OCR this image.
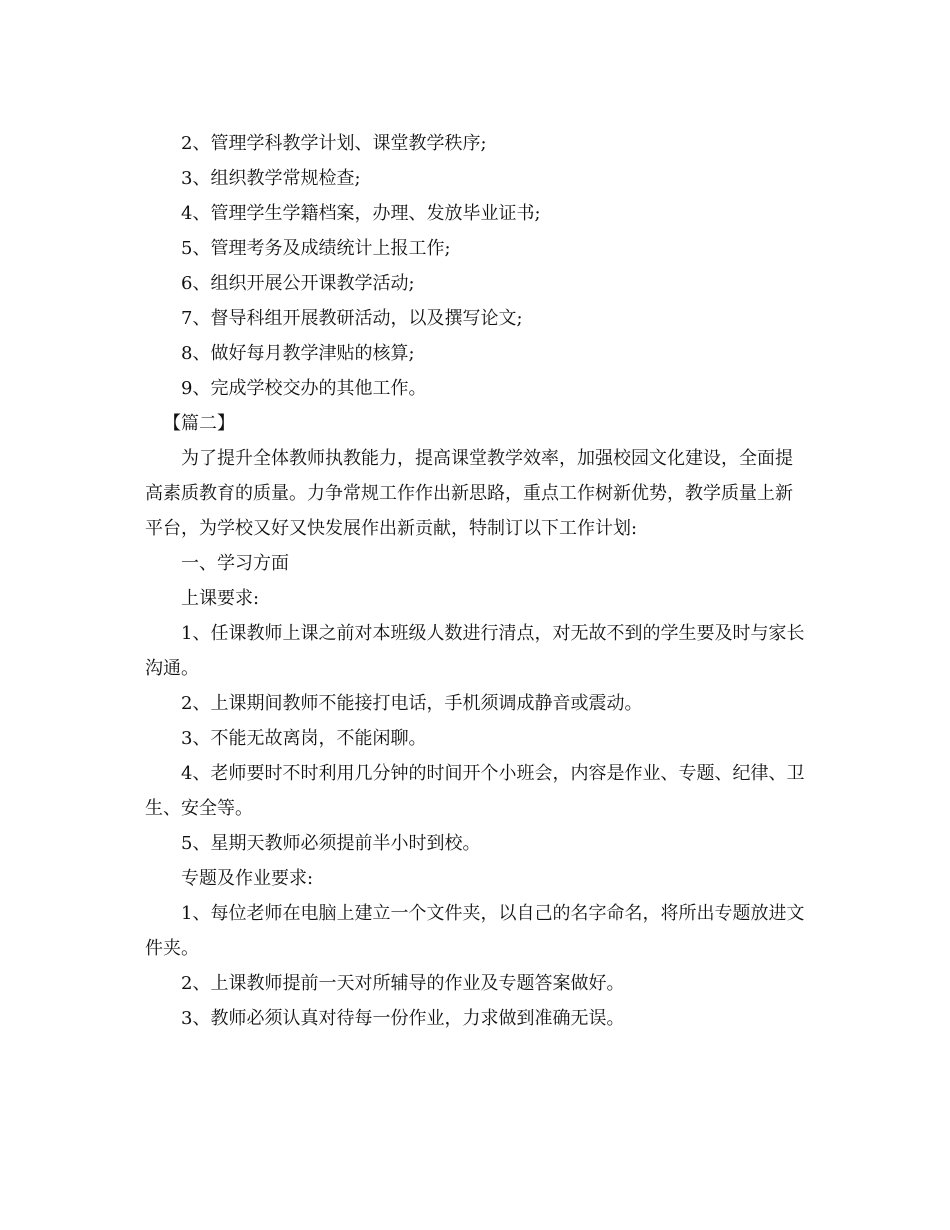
2、管理学科教学计划、课堂教学秩序;

3、组织教学常规检查;

4、管理学生学籍档案，办理、发放毕业证书;

5、管理考务及成绩统计上报工作;

6、组织开展公开课教学活动;

7、督导科组开展教研活动，以及撰写论文;

8、做好每月教学津贴的核算;

9、完成学校交办的其他工作。

【篇二】

为了提升全体教师执教能力，提高课堂教学效率，加强校园文化建设，全面提高素质教育的质量。力争常规工作作出新思路，重点工作树新优势，教学质量上新平台，为学校又好又快发展作出新贡献，特制订以下工作计划:

一、学习方面

上课要求:

1、任课教师上课之前对本班级人数进行清点，对无故不到的学生要及时与家长沟通。

2、上课期间教师不能接打电话，手机须调成静音或震动。

3、不能无故离岗，不能闲聊。

4、老师要时不时利用几分钟的时间开个小班会，内容是作业、专题、纪律、卫生、安全等。

5、星期天教师必须提前半小时到校。

专题及作业要求:

1、每位老师在电脑上建立一个文件夹，以自己的名字命名，将所出专题放进文件夹。

2、上课教师提前一天对所辅导的作业及专题答案做好。

3、教师必须认真对待每一份作业，力求做到准确无误。
